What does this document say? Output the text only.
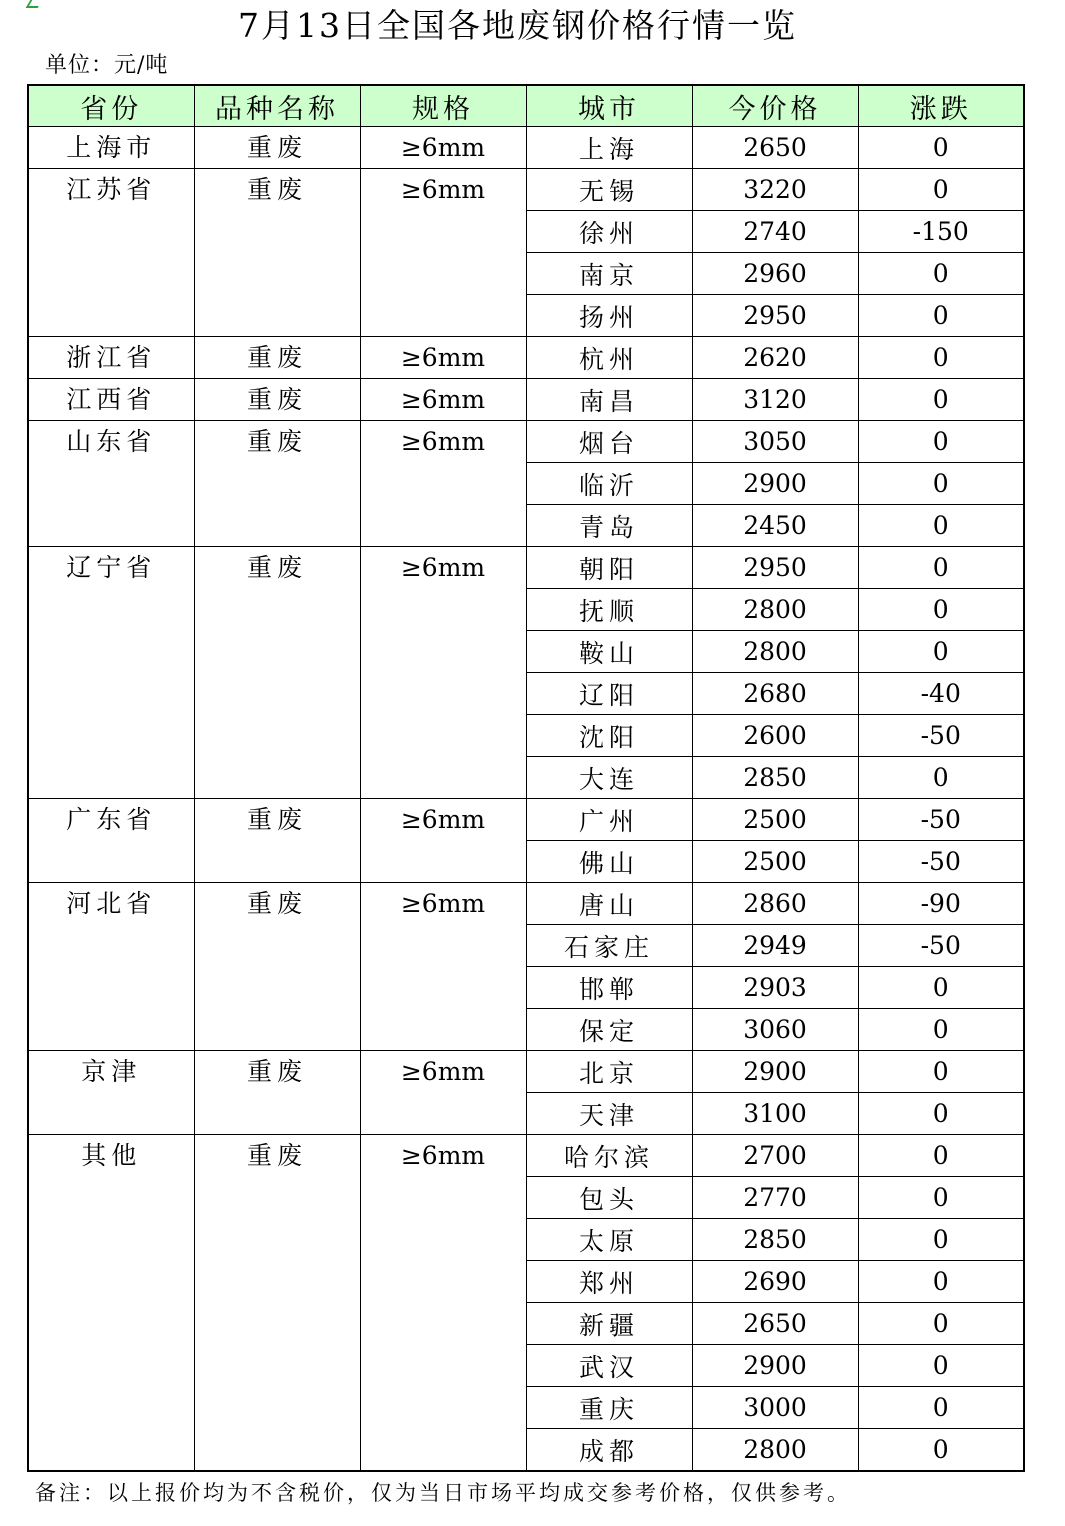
7月13日全国各地废钢价格行情一览
单位：元/吨
省份	品种名称	规格	城市	今价格	涨跌
上海市	重废	≥6mm	上海	2650	0
江苏省	重废	≥6mm	无锡	3220	0
			徐州	2740	-150
			南京	2960	0
			扬州	2950	0
浙江省	重废	≥6mm	杭州	2620	0
江西省	重废	≥6mm	南昌	3120	0
山东省	重废	≥6mm	烟台	3050	0
			临沂	2900	0
			青岛	2450	0
辽宁省	重废	≥6mm	朝阳	2950	0
			抚顺	2800	0
			鞍山	2800	0
			辽阳	2680	-40
			沈阳	2600	-50
			大连	2850	0
广东省	重废	≥6mm	广州	2500	-50
			佛山	2500	-50
河北省	重废	≥6mm	唐山	2860	-90
			石家庄	2949	-50
			邯郸	2903	0
			保定	3060	0
京津	重废	≥6mm	北京	2900	0
			天津	3100	0
其他	重废	≥6mm	哈尔滨	2700	0
			包头	2770	0
			太原	2850	0
			郑州	2690	0
			新疆	2650	0
			武汉	2900	0
			重庆	3000	0
			成都	2800	0
备注：以上报价均为不含税价，仅为当日市场平均成交参考价格，仅供参考。
